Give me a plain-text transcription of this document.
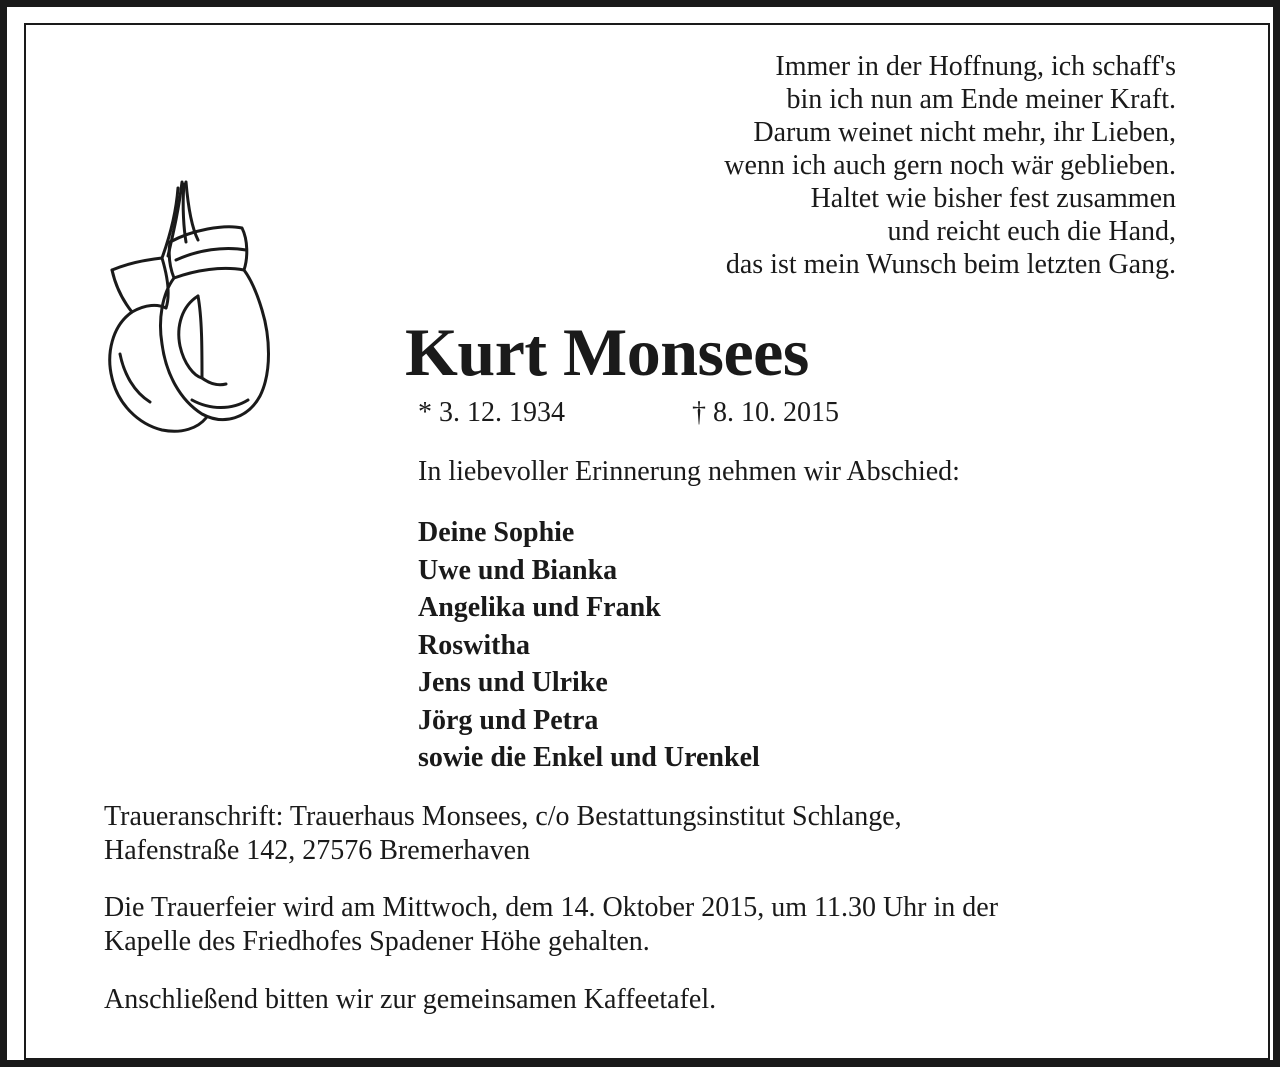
Immer in der Hoffnung, ich schaff's
bin ich nun am Ende meiner Kraft.
Darum weinet nicht mehr, ihr Lieben,
wenn ich auch gern noch wär geblieben.
Haltet wie bisher fest zusammen
und reicht euch die Hand,
das ist mein Wunsch beim letzten Gang.
Kurt Monsees
* 3. 12. 1934	† 8. 10. 2015

In liebevoller Erinnerung nehmen wir Abschied:

Deine Sophie
Uwe und Bianka
Angelika und Frank
Roswitha
Jens und Ulrike
Jörg und Petra
sowie die Enkel und Urenkel

Traueranschrift: Trauerhaus Monsees, c/o Bestattungsinstitut Schlange,
Hafenstraße 142, 27576 Bremerhaven

Die Trauerfeier wird am Mittwoch, dem 14. Oktober 2015, um 11.30 Uhr in der
Kapelle des Friedhofes Spadener Höhe gehalten.

Anschließend bitten wir zur gemeinsamen Kaffeetafel.
